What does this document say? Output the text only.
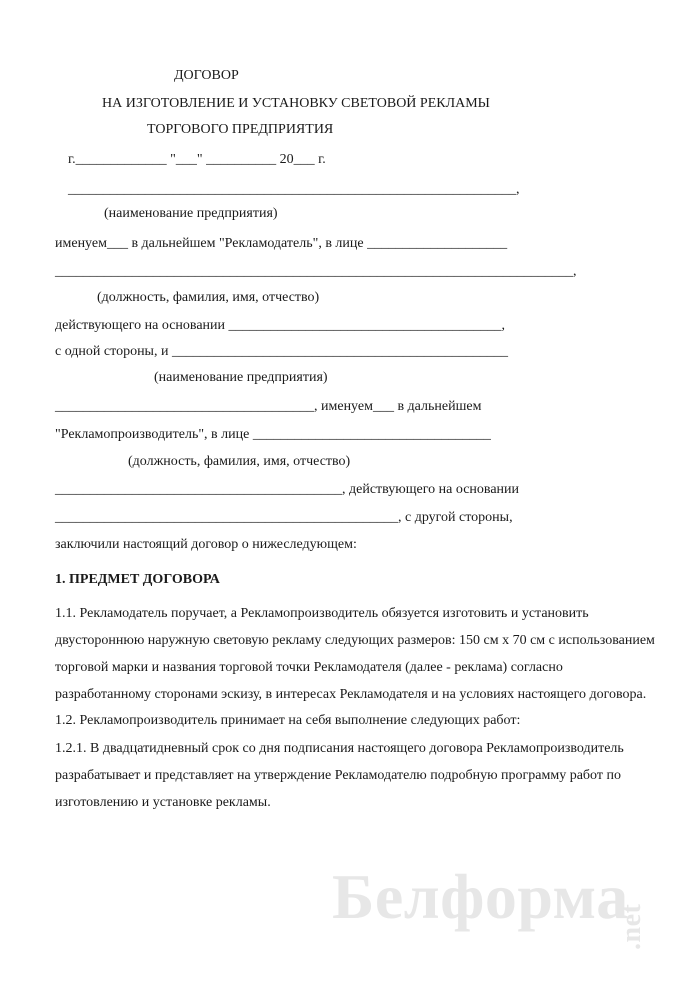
ДОГОВОР
НА ИЗГОТОВЛЕНИЕ И УСТАНОВКУ СВЕТОВОЙ РЕКЛАМЫ
ТОРГОВОГО ПРЕДПРИЯТИЯ
г._____________ "___" __________ 20___ г.
________________________________________________________________,
(наименование предприятия)
именуем___ в дальнейшем "Рекламодатель", в лице ____________________
__________________________________________________________________________,
(должность, фамилия, имя, отчество)
действующего на основании _______________________________________,
с одной стороны, и ________________________________________________
(наименование предприятия)
_____________________________________, именуем___ в дальнейшем
"Рекламопроизводитель", в лице __________________________________
(должность, фамилия, имя, отчество)
_________________________________________, действующего на основании
_________________________________________________, с другой стороны,
заключили настоящий договор о нижеследующем:
1. ПРЕДМЕТ ДОГОВОРА
1.1. Рекламодатель поручает, а Рекламопроизводитель обязуется изготовить и установить
двустороннюю наружную световую рекламу следующих размеров: 150 см х 70 см с использованием
торговой марки и названия торговой точки Рекламодателя (далее - реклама) согласно
разработанному сторонами эскизу, в интересах Рекламодателя и на условиях настоящего договора.
1.2. Рекламопроизводитель принимает на себя выполнение следующих работ:
1.2.1. В двадцатидневный срок со дня подписания настоящего договора Рекламопроизводитель
разрабатывает и представляет на утверждение Рекламодателю подробную программу работ по
изготовлению и установке рекламы.
Белформа
.net
